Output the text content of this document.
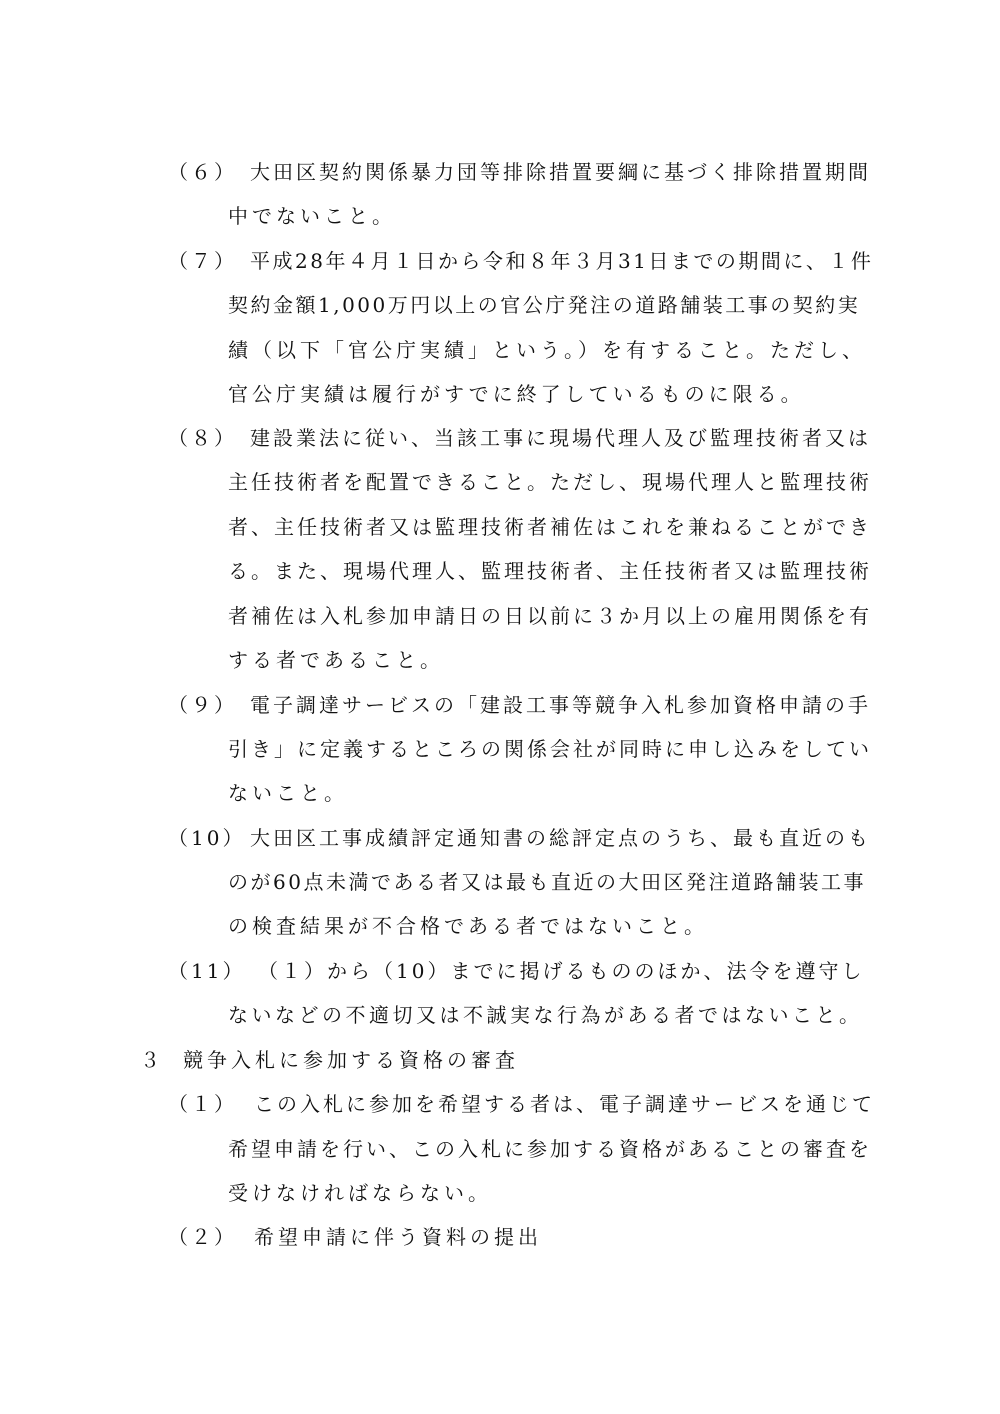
（６） 大田区契約関係暴力団等排除措置要綱に基づく排除措置期間
中でないこと。
（７） 平成28年４月１日から令和８年３月31日までの期間に、１件
契約金額1,000万円以上の官公庁発注の道路舗装工事の契約実
績（以下「官公庁実績」という。）を有すること。ただし、
官公庁実績は履行がすでに終了しているものに限る。
（８） 建設業法に従い、当該工事に現場代理人及び監理技術者又は
主任技術者を配置できること。ただし、現場代理人と監理技術
者、主任技術者又は監理技術者補佐はこれを兼ねることができ
る。また、現場代理人、監理技術者、主任技術者又は監理技術
者補佐は入札参加申請日の日以前に３か月以上の雇用関係を有
する者であること。
（９） 電子調達サービスの「建設工事等競争入札参加資格申請の手
引き」に定義するところの関係会社が同時に申し込みをしてい
ないこと。
（10） 大田区工事成績評定通知書の総評定点のうち、最も直近のも
のが60点未満である者又は最も直近の大田区発注道路舗装工事
の検査結果が不合格である者ではないこと。
（11） （１）から（10）までに掲げるもののほか、法令を遵守し
ないなどの不適切又は不誠実な行為がある者ではないこと。
３ 競争入札に参加する資格の審査
（１） この入札に参加を希望する者は、電子調達サービスを通じて
希望申請を行い、この入札に参加する資格があることの審査を
受けなければならない。
（２） 希望申請に伴う資料の提出
